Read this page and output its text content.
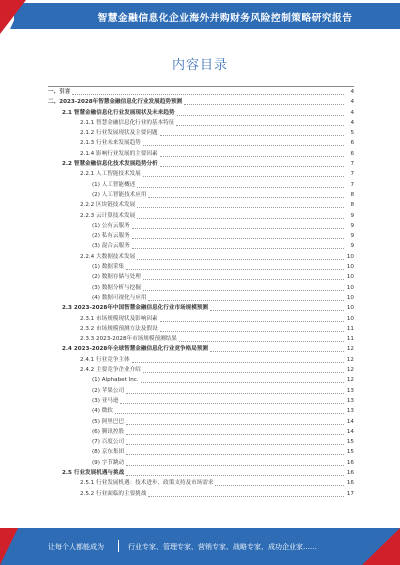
智慧金融信息化企业海外并购财务风险控制策略研究报告
内容目录
一、引言	4
二、2023-2028年智慧金融信息化行业发展趋势预测	4
2.1 智慧金融信息化行业发展现状及未来趋势	4
2.1.1 智慧金融信息化行业的基本特征	4
2.1.2 行业发展现状及主要问题	5
2.1.3 行业未来发展趋势	6
2.1.4 影响行业发展的主要因素	6
2.2 智慧金融信息化技术发展趋势分析	7
2.2.1 人工智能技术发展	7
(1) 人工智能概述	7
(2) 人工智能技术应用	8
2.2.2 区块链技术发展	8
2.2.3 云计算技术发展	9
(1) 公有云服务	9
(2) 私有云服务	9
(3) 混合云服务	9
2.2.4 大数据技术发展	10
(1) 数据采集	10
(2) 数据存储与处理	10
(3) 数据分析与挖掘	10
(4) 数据可视化与应用	10
2.3 2023-2028年中国智慧金融信息化行业市场规模预测	10
2.3.1 市场规模现状及影响因素	10
2.3.2 市场规模预测方法及假设	11
2.3.3 2023-2028年市场规模预测结果	11
2.4 2023-2028年全球智慧金融信息化行业竞争格局预测	12
2.4.1 行业竞争主体	12
2.4.2 主要竞争企业介绍	12
(1) Alphabet Inc.	12
(2) 苹果公司	13
(3) 亚马逊	13
(4) 微软	13
(5) 阿里巴巴	14
(6) 腾讯控股	14
(7) 百度公司	15
(8) 京东集团	15
(9) 字节跳动	16
2.5 行业发展机遇与挑战	16
2.5.1 行业发展机遇：技术进步、政策支持及市场需求	16
2.5.2 行业面临的主要挑战	17
让每个人都能成为	行业专家、管理专家、营销专家、战略专家、成功企业家……
